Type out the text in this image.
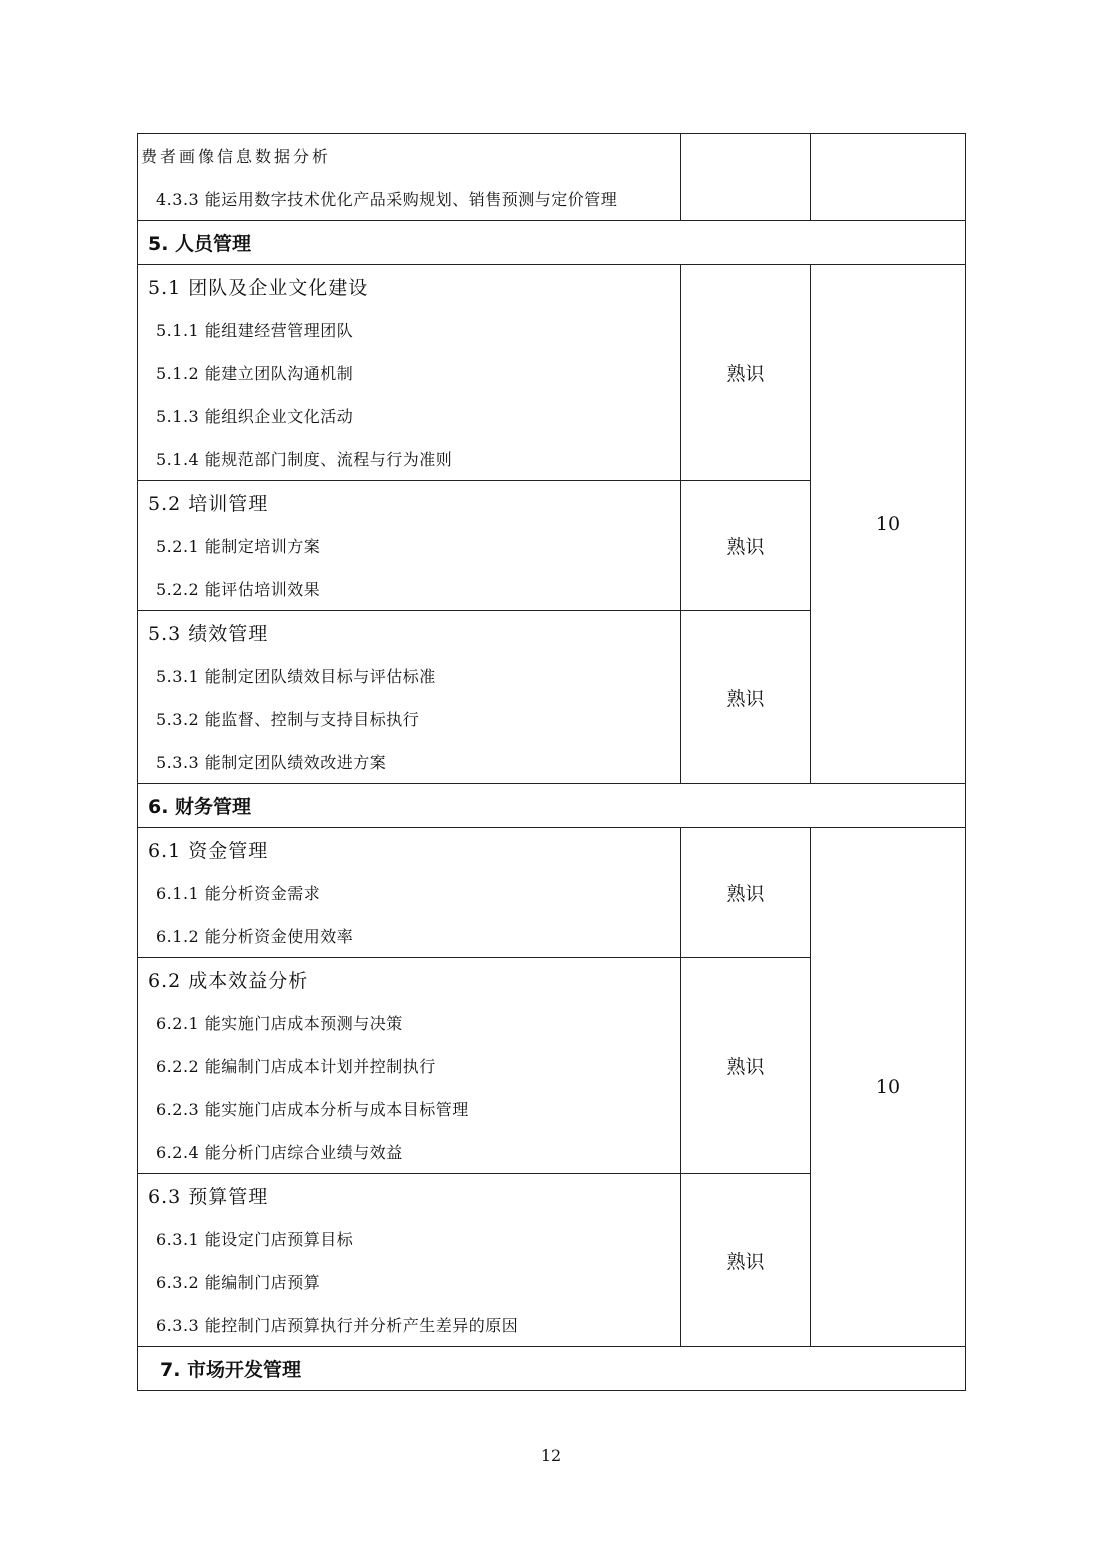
费者画像信息数据分析
4.3.3 能运用数字技术优化产品采购规划、销售预测与定价管理

5. 人员管理

5.1 团队及企业文化建设
5.1.1 能组建经营管理团队
5.1.2 能建立团队沟通机制
5.1.3 能组织企业文化活动
5.1.4 能规范部门制度、流程与行为准则
	熟识	10

5.2 培训管理
5.2.1 能制定培训方案
5.2.2 能评估培训效果
	熟识

5.3 绩效管理
5.3.1 能制定团队绩效目标与评估标准
5.3.2 能监督、控制与支持目标执行
5.3.3 能制定团队绩效改进方案
	熟识
6. 财务管理

6.1 资金管理
6.1.1 能分析资金需求
6.1.2 能分析资金使用效率
	熟识	10

6.2 成本效益分析
6.2.1 能实施门店成本预测与决策
6.2.2 能编制门店成本计划并控制执行
6.2.3 能实施门店成本分析与成本目标管理
6.2.4 能分析门店综合业绩与效益
	熟识

6.3 预算管理
6.3.1 能设定门店预算目标
6.3.2 能编制门店预算
6.3.3 能控制门店预算执行并分析产生差异的原因
	熟识
7. 市场开发管理
12
